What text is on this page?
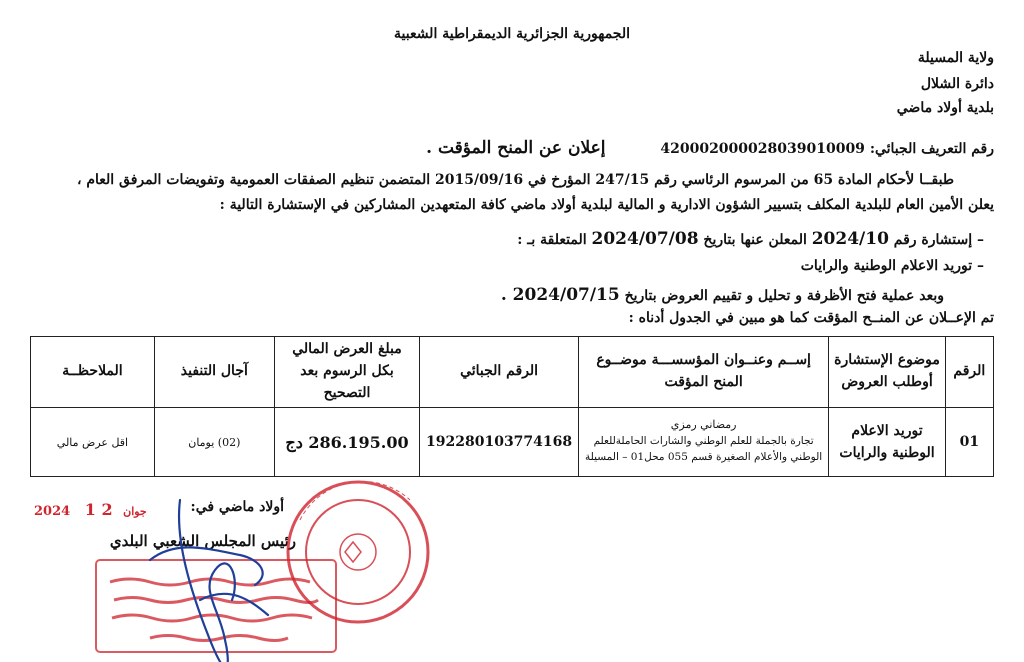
الجمهورية الجزائرية الديمقراطية الشعبية
ولاية المسيلة
دائرة الشلال
بلدية أولاد ماضي
رقم التعريف الجبائي: 420002000028039010009 إعلان عن المنح المؤقت .
طبقــا لأحكام المادة 65 من المرسوم الرئاسي رقم 247/15 المؤرخ في 2015/09/16 المتضمن تنظيم الصفقات العمومية وتفويضات المرفق العام ،
يعلن الأمين العام للبلدية المكلف بتسيير الشؤون الادارية و المالية لبلدية أولاد ماضي كافة المتعهدين المشاركين في الإستشارة التالية :
– إستشارة رقم 2024/10 المعلن عنها بتاريخ 2024/07/08 المتعلقة بـ :
– توريد الاعلام الوطنية والرايات
وبعد عملية فتح الأظرفة و تحليل و تقييم العروض بتاريخ 2024/07/15 .
تم الإعــلان عن المنــح المؤقت كما هو مبين في الجدول أدناه :
الرقم	موضوع الإستشارة أوطلب العروض	إســم وعنــوان المؤسســـة موضــوع المنح المؤقت	الرقم الجبائي	مبلغ العرض المالي بكل الرسوم بعد التصحيح	آجال التنفيذ	الملاحظــة
01	توريد الاعلام الوطنية والرايات	رمضاني رمزي
تجارة بالجملة للعلم الوطني والشارات الحاملةللعلم الوطني والأعلام الصغيرة قسم 055 محل01 – المسيلة	192280103774168	286.195.00 دج	(02) يومان	اقل عرض مالي
أولاد ماضي في:
رئيس المجلس الشعبي البلدي
2024	جوان 2 1
